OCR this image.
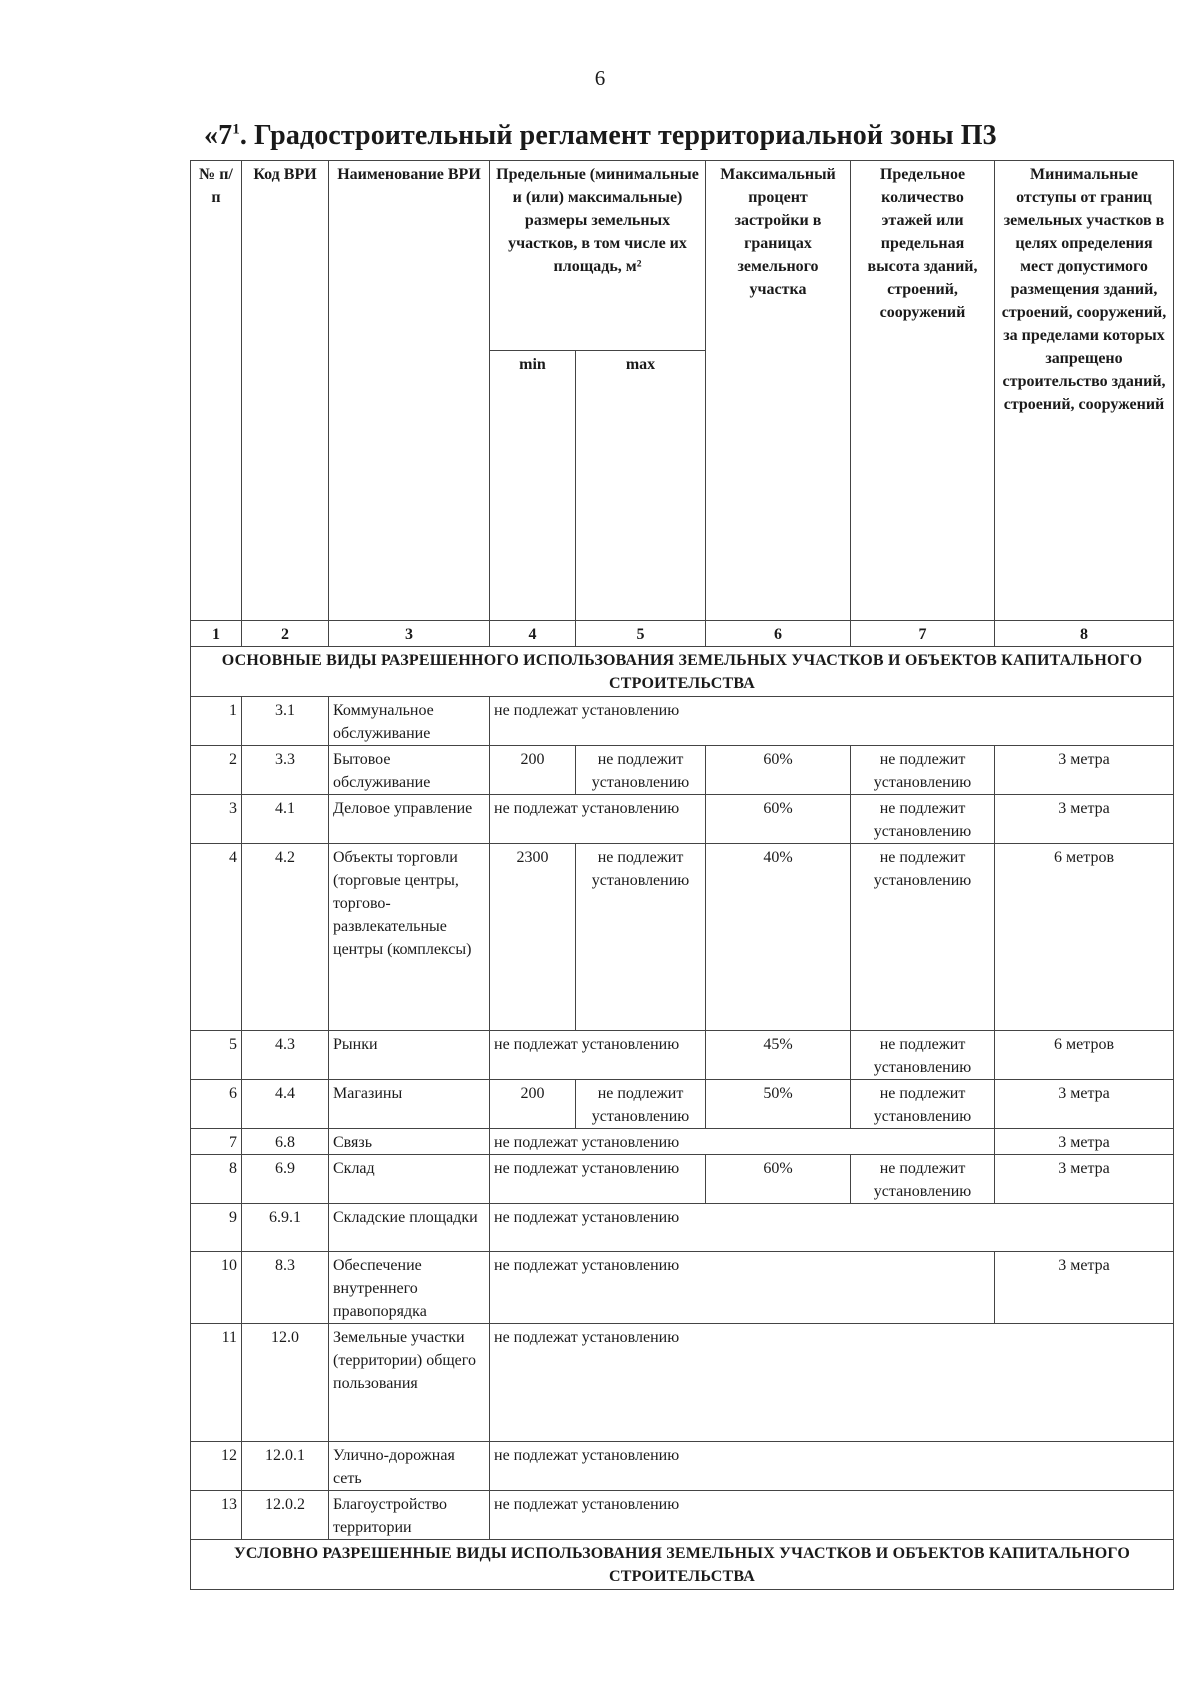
6
«$7^1$. Градостроительный регламент территориальной зоны П3
№ п/п	Код ВРИ	Наименование ВРИ	Предельные (минимальные и (или) максимальные) размеры земельных участков, в том числе их площадь, м²		Максимальный процент застройки в границах земельного участка	Предельное количество этажей или предельная высота зданий, строений, сооружений	Минимальные отступы от границ земельных участков в целях определения мест допустимого размещения зданий, строений, сооружений, за пределами которых запрещено строительство зданий, строений, сооружений
			min	max			
1	2	3	4	5	6	7	8
ОСНОВНЫЕ ВИДЫ РАЗРЕШЕННОГО ИСПОЛЬЗОВАНИЯ ЗЕМЕЛЬНЫХ УЧАСТКОВ И ОБЪЕКТОВ КАПИТАЛЬНОГО СТРОИТЕЛЬСТВА							
1	3.1	Коммунальное обслуживание	не подлежат установлению				
2	3.3	Бытовое обслуживание	200	не подлежит установлению	60%	не подлежит установлению	3 метра
3	4.1	Деловое управление	не подлежат установлению		60%	не подлежит установлению	3 метра
4	4.2	Объекты торговли (торговые центры, торгово-развлекательные центры (комплексы)	2300	не подлежит установлению	40%	не подлежит установлению	6 метров
5	4.3	Рынки	не подлежат установлению		45%	не подлежит установлению	6 метров
6	4.4	Магазины	200	не подлежит установлению	50%	не подлежит установлению	3 метра
7	6.8	Связь	не подлежат установлению				3 метра
8	6.9	Склад	не подлежат установлению		60%	не подлежит установлению	3 метра
9	6.9.1	Складские площадки	не подлежат установлению				
10	8.3	Обеспечение внутреннего правопорядка	не подлежат установлению				3 метра
11	12.0	Земельные участки (территории) общего пользования	не подлежат установлению				
12	12.0.1	Улично-дорожная сеть	не подлежат установлению				
13	12.0.2	Благоустройство территории	не подлежат установлению				
УСЛОВНО РАЗРЕШЕННЫЕ ВИДЫ ИСПОЛЬЗОВАНИЯ ЗЕМЕЛЬНЫХ УЧАСТКОВ И ОБЪЕКТОВ КАПИТАЛЬНОГО СТРОИТЕЛЬСТВА							
